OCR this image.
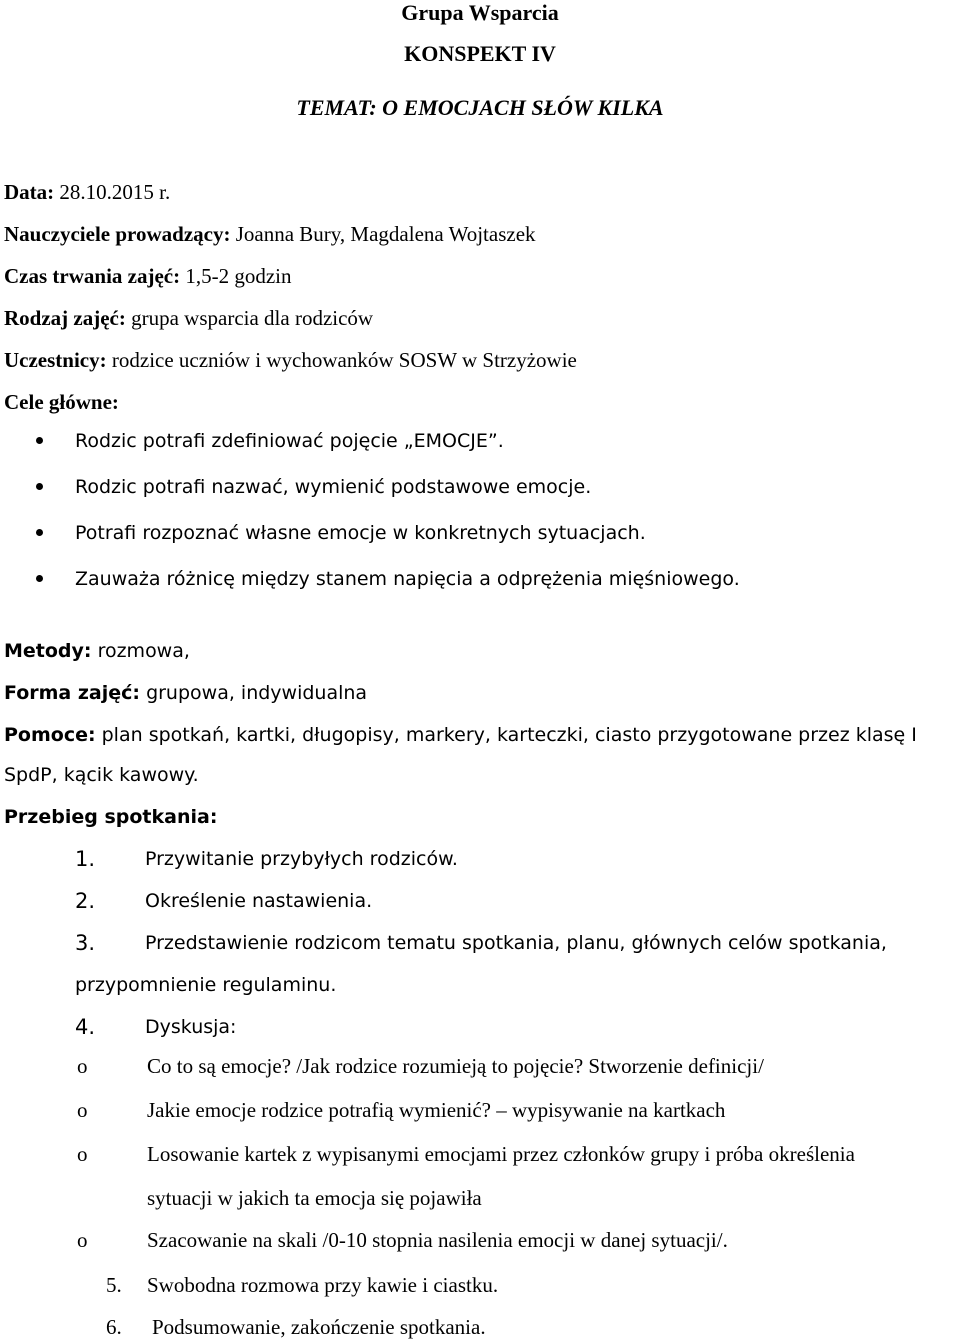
Grupa Wsparcia
KONSPEKT IV
TEMAT: O EMOCJACH SŁÓW KILKA
Data: 28.10.2015 r.
Nauczyciele prowadzący: Joanna Bury, Magdalena Wojtaszek
Czas trwania zajęć: 1,5-2 godzin
Rodzaj zajęć: grupa wsparcia dla rodziców
Uczestnicy: rodzice uczniów i wychowanków SOSW w Strzyżowie
Cele główne:
Rodzic potrafi zdefiniować pojęcie „EMOCJE”.
Rodzic potrafi nazwać, wymienić podstawowe emocje.
Potrafi rozpoznać własne emocje w konkretnych sytuacjach.
Zauważa różnicę między stanem napięcia a odprężenia mięśniowego.
Metody: rozmowa,
Forma zajęć: grupowa, indywidualna
Pomoce: plan spotkań, kartki, długopisy, markery, karteczki, ciasto przygotowane przez klasę I
SpdP, kącik kawowy.
Przebieg spotkania:
1.	Przywitanie przybyłych rodziców.
2.	Określenie nastawienia.
3.	Przedstawienie rodzicom tematu spotkania, planu, głównych celów spotkania,
przypomnienie regulaminu.
4.	Dyskusja:
o	Co to są emocje? /Jak rodzice rozumieją to pojęcie? Stworzenie definicji/
o	Jakie emocje rodzice potrafią wymienić? – wypisywanie na kartkach
o	Losowanie kartek z wypisanymi emocjami przez członków grupy i próba określenia
sytuacji w jakich ta emocja się pojawiła
o	Szacowanie na skali /0-10 stopnia nasilenia emocji w danej sytuacji/.
5. Swobodna rozmowa przy kawie i ciastku.
6. Podsumowanie, zakończenie spotkania.
